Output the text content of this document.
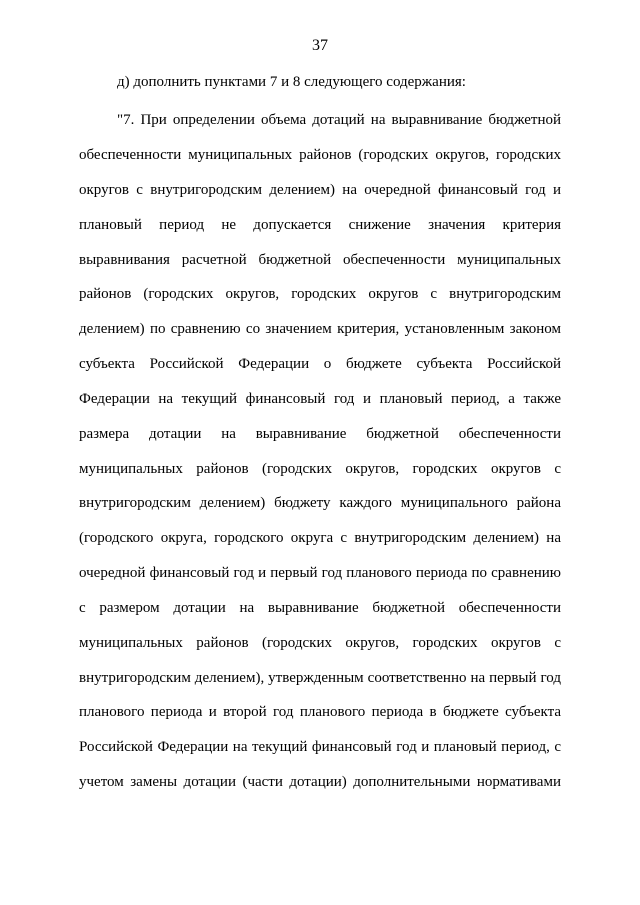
37
д) дополнить пунктами 7 и 8 следующего содержания:
"7. При определении объема дотаций на выравнивание бюджетной
обеспеченности муниципальных районов (городских округов, городских
округов с внутригородским делением) на очередной финансовый год и
плановый период не допускается снижение значения критерия
выравнивания расчетной бюджетной обеспеченности муниципальных
районов (городских округов, городских округов с внутригородским
делением) по сравнению со значением критерия, установленным законом
субъекта Российской Федерации о бюджете субъекта Российской
Федерации на текущий финансовый год и плановый период, а также
размера дотации на выравнивание бюджетной обеспеченности
муниципальных районов (городских округов, городских округов с
внутригородским делением) бюджету каждого муниципального района
(городского округа, городского округа с внутригородским делением) на
очередной финансовый год и первый год планового периода по сравнению
с размером дотации на выравнивание бюджетной обеспеченности
муниципальных районов (городских округов, городских округов с
внутригородским делением), утвержденным соответственно на первый год
планового периода и второй год планового периода в бюджете субъекта
Российской Федерации на текущий финансовый год и плановый период, с
учетом замены дотации (части дотации) дополнительными нормативами
